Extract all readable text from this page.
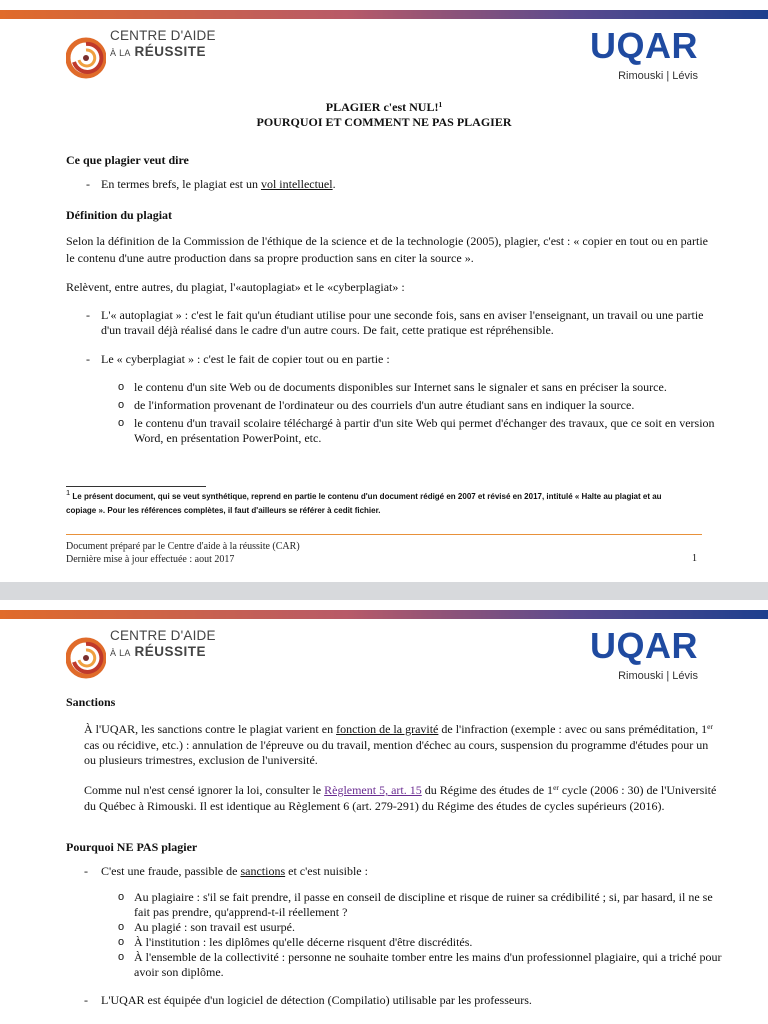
CENTRE D'AIDE
À LA RÉUSSITE	UQAR
Rimouski | Lévis
PLAGIER c'est NUL!$^1$
POURQUOI ET COMMENT NE PAS PLAGIER
Ce que plagier veut dire
- En termes brefs, le plagiat est un vol intellectuel.
Définition du plagiat
Selon la définition de la Commission de l'éthique de la science et de la technologie (2005), plagier, c'est : « copier en tout ou en partie
le contenu d'une autre production dans sa propre production sans en citer la source ».
Relèvent, entre autres, du plagiat, l'«autoplagiat» et le «cyberplagiat» :
- L'« autoplagiat » : c'est le fait qu'un étudiant utilise pour une seconde fois, sans en aviser l'enseignant, un travail ou une partie
d'un travail déjà réalisé dans le cadre d'un autre cours. De fait, cette pratique est répréhensible.
- Le « cyberplagiat » : c'est le fait de copier tout ou en partie :
o le contenu d'un site Web ou de documents disponibles sur Internet sans le signaler et sans en préciser la source.
o de l'information provenant de l'ordinateur ou des courriels d'un autre étudiant sans en indiquer la source.
o le contenu d'un travail scolaire téléchargé à partir d'un site Web qui permet d'échanger des travaux, que ce soit en version
Word, en présentation PowerPoint, etc.
$^1$ Le présent document, qui se veut synthétique, reprend en partie le contenu d'un document rédigé en 2007 et révisé en 2017, intitulé « Halte au plagiat et au
copiage ». Pour les références complètes, il faut d'ailleurs se référer à cedit fichier.
Document préparé par le Centre d'aide à la réussite (CAR)
Dernière mise à jour effectuée : aout 2017	1
CENTRE D'AIDE
À LA RÉUSSITE	UQAR
Rimouski | Lévis
Sanctions
À l'UQAR, les sanctions contre le plagiat varient en fonction de la gravité de l'infraction (exemple : avec ou sans préméditation, 1er
cas ou récidive, etc.) : annulation de l'épreuve ou du travail, mention d'échec au cours, suspension du programme d'études pour un
ou plusieurs trimestres, exclusion de l'université.
Comme nul n'est censé ignorer la loi, consulter le Règlement 5, art. 15 du Régime des études de 1er cycle (2006 : 30) de l'Université
du Québec à Rimouski. Il est identique au Règlement 6 (art. 279-291) du Régime des études de cycles supérieurs (2016).
Pourquoi NE PAS plagier
- C'est une fraude, passible de sanctions et c'est nuisible :
o Au plagiaire : s'il se fait prendre, il passe en conseil de discipline et risque de ruiner sa crédibilité ; si, par hasard, il ne se
fait pas prendre, qu'apprend-t-il réellement ?
o Au plagié : son travail est usurpé.
o À l'institution : les diplômes qu'elle décerne risquent d'être discrédités.
o À l'ensemble de la collectivité : personne ne souhaite tomber entre les mains d'un professionnel plagiaire, qui a triché pour
avoir son diplôme.
- L'UQAR est équipée d'un logiciel de détection (Compilatio) utilisable par les professeurs.
